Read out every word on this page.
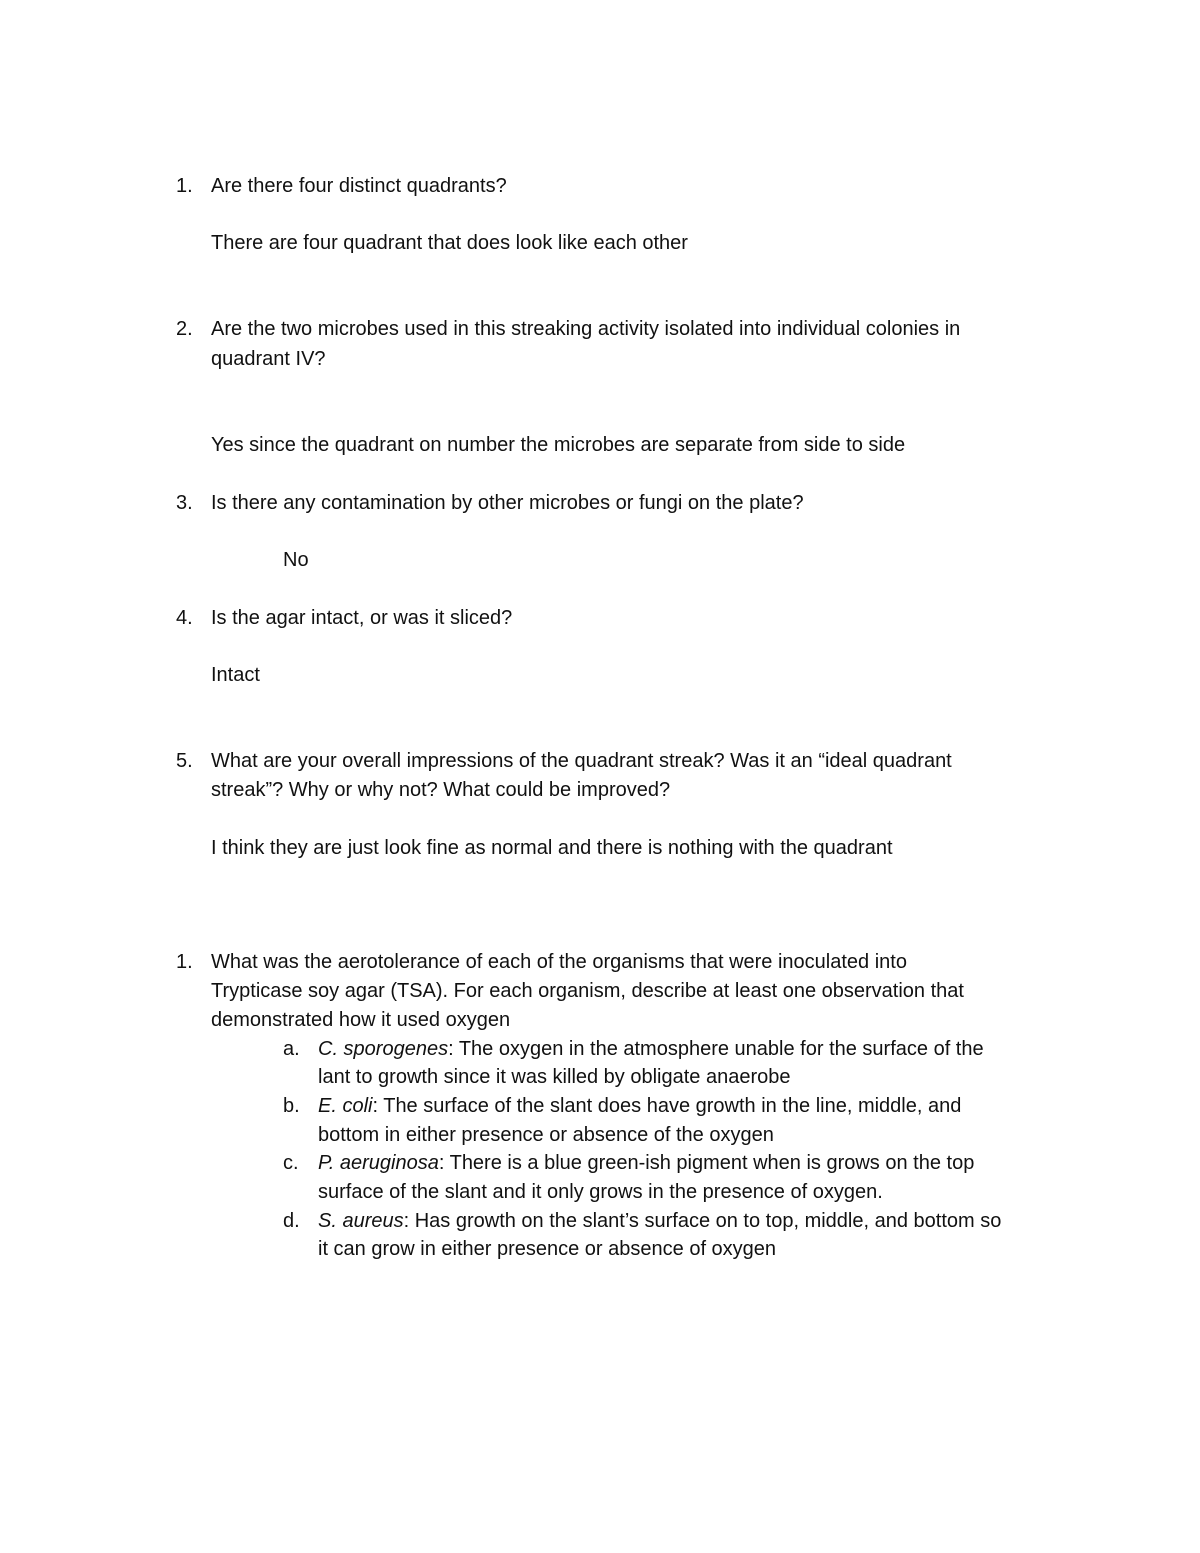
1. Are there four distinct quadrants?
There are four quadrant that does look like each other
2. Are the two microbes used in this streaking activity isolated into individual colonies in
quadrant IV?
Yes since the quadrant on number the microbes are separate from side to side
3. Is there any contamination by other microbes or fungi on the plate?
No
4. Is the agar intact, or was it sliced?
Intact
5. What are your overall impressions of the quadrant streak? Was it an “ideal quadrant
streak”? Why or why not? What could be improved?
I think they are just look fine as normal and there is nothing with the quadrant
1. What was the aerotolerance of each of the organisms that were inoculated into
Trypticase soy agar (TSA). For each organism, describe at least one observation that
demonstrated how it used oxygen
a. C. sporogenes: The oxygen in the atmosphere unable for the surface of the
lant to growth since it was killed by obligate anaerobe
b. E. coli: The surface of the slant does have growth in the line, middle, and
bottom in either presence or absence of the oxygen
c. P. aeruginosa: There is a blue green-ish pigment when is grows on the top
surface of the slant and it only grows in the presence of oxygen.
d. S. aureus: Has growth on the slant’s surface on to top, middle, and bottom so
it can grow in either presence or absence of oxygen
